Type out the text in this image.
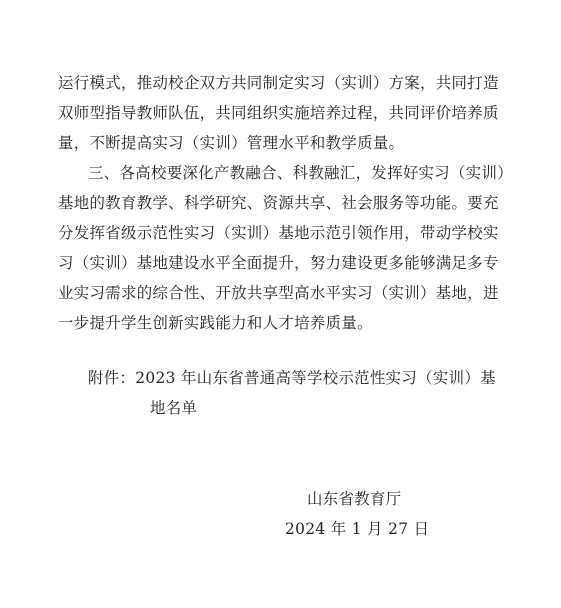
运行模式，推动校企双方共同制定实习（实训）方案，共同打造
双师型指导教师队伍，共同组织实施培养过程，共同评价培养质
量，不断提高实习（实训）管理水平和教学质量。
三、各高校要深化产教融合、科教融汇，发挥好实习（实训）
基地的教育教学、科学研究、资源共享、社会服务等功能。要充
分发挥省级示范性实习（实训）基地示范引领作用，带动学校实
习（实训）基地建设水平全面提升，努力建设更多能够满足多专
业实习需求的综合性、开放共享型高水平实习（实训）基地，进
一步提升学生创新实践能力和人才培养质量。
附件：2023 年山东省普通高等学校示范性实习（实训）基
地名单
山东省教育厅
2024 年 1 月 27 日
